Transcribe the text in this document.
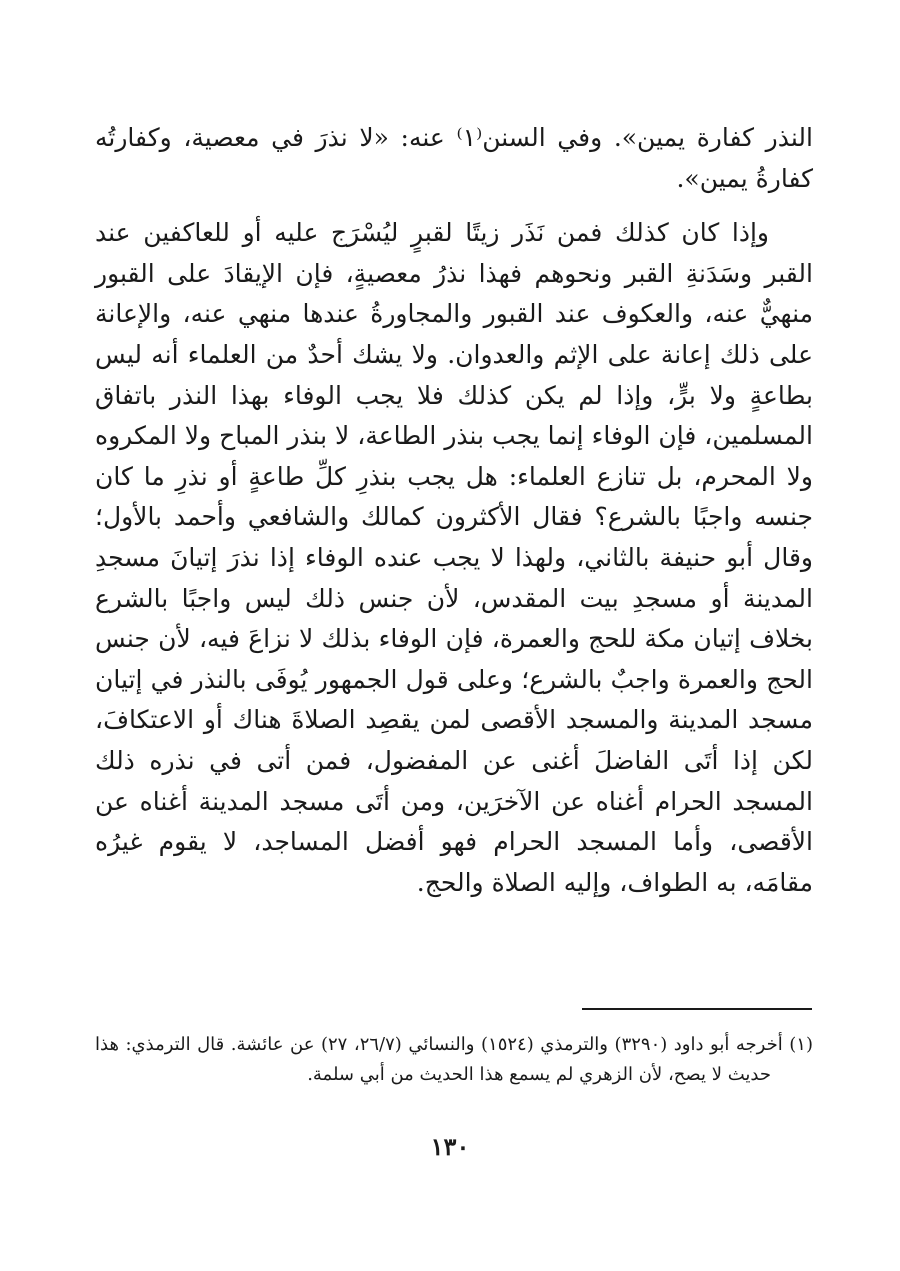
النذر كفارة يمين». وفي السنن⁽١⁾ عنه: «لا نذرَ في معصية، وكفارتُه كفارةُ يمين».

وإذا كان كذلك فمن نَذَر زيتًا لقبرٍ ليُسْرَج عليه أو للعاكفين عند القبر وسَدَنةِ القبر ونحوهم فهذا نذرُ معصيةٍ، فإن الإيقادَ على القبور منهيٌّ عنه، والعكوف عند القبور والمجاورةُ عندها منهي عنه، والإعانة على ذلك إعانة على الإثم والعدوان. ولا يشك أحدٌ من العلماء أنه ليس بطاعةٍ ولا برٍّ، وإذا لم يكن كذلك فلا يجب الوفاء بهذا النذر باتفاق المسلمين، فإن الوفاء إنما يجب بنذر الطاعة، لا بنذر المباح ولا المكروه ولا المحرم، بل تنازع العلماء: هل يجب بنذرِ كلِّ طاعةٍ أو نذرِ ما كان جنسه واجبًا بالشرع؟ فقال الأكثرون كمالك والشافعي وأحمد بالأول؛ وقال أبو حنيفة بالثاني، ولهذا لا يجب عنده الوفاء إذا نذرَ إتيانَ مسجدِ المدينة أو مسجدِ بيت المقدس، لأن جنس ذلك ليس واجبًا بالشرع بخلاف إتيان مكة للحج والعمرة، فإن الوفاء بذلك لا نزاعَ فيه، لأن جنس الحج والعمرة واجبٌ بالشرع؛ وعلى قول الجمهور يُوفَى بالنذر في إتيان مسجد المدينة والمسجد الأقصى لمن يقصِد الصلاةَ هناك أو الاعتكافَ، لكن إذا أتَى الفاضلَ أغنى عن المفضول، فمن أتى في نذره ذلك المسجد الحرام أغناه عن الآخرَين، ومن أتَى مسجد المدينة أغناه عن الأقصى، وأما المسجد الحرام فهو أفضل المساجد، لا يقوم غيرُه مقامَه، به الطواف، وإليه الصلاة والحج.

(١) أخرجه أبو داود (٣٢٩٠) والترمذي (١٥٢٤) والنسائي (٢٦/٧، ٢٧) عن عائشة. قال الترمذي: هذا حديث لا يصح، لأن الزهري لم يسمع هذا الحديث من أبي سلمة.

١٣٠
